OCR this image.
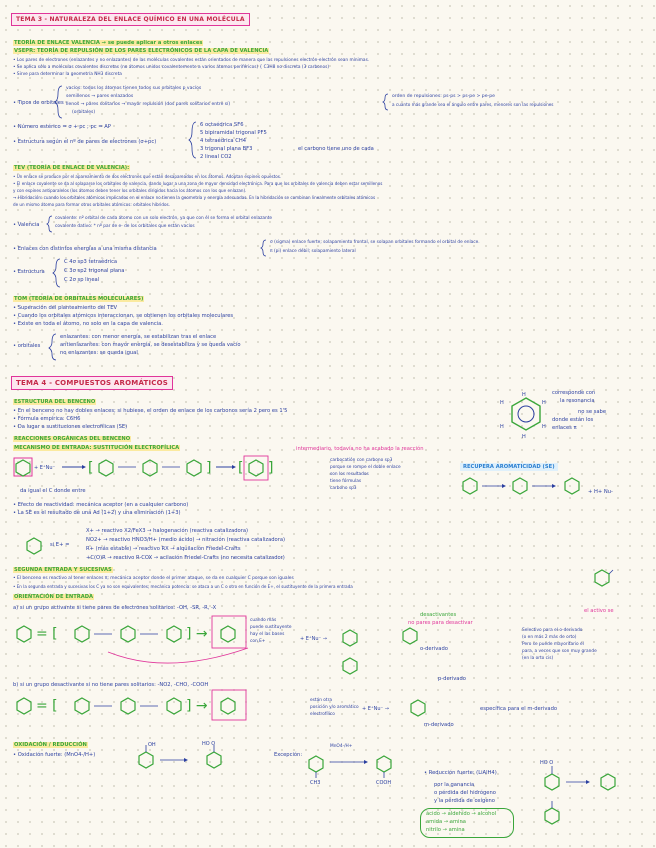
TEMA 3 - NATURALEZA DEL ENLACE QUÍMICO EN UNA MOLÉCULA
TEORÍA DE ENLACE VALENCIA → se puede aplicar a otros enlaces
VSEPR: TEORÍA DE REPULSIÓN DE LOS PARES ELECTRÓNICOS DE LA CAPA DE VALENCIA
• Los pares de electrones (enlazantes y no enlazantes) de las moléculas covalentes están orientados de manera que las repulsiones electrón-electrón sean mínimas.
• Se aplica sólo a moléculas covalentes discretas (no átomos unidos covalentemente a varios átomos periféricos) { C3H8 no discreta (3 carbonos)
• Sirve para determinar la geometría NH3 discreta
• Tipos de orbitales
vacíos: todos los átomos tienen todos sus orbitales p vacíos
semillenos → pares enlazados
llenos → pares solitarios → mayor repulsión (dos pares solitarios entre sí)
(orbitales)
orden de repulsiones: ps-ps > ps-pe > pe-pe
a cuanto más grande sea el ángulo entre pares, menores son las repulsiones
• Número estérico = σ + pc ; pc = AP
• Estructura según el nº de pares de electrones (σ+pc)
6 octaédrica SF6
5 bipiramidal trigonal PF5
4 tetraédrica CH4
3 trigonal plana BF3
2 lineal CO2
el carbono tiene uno de cada
TEV (TEORÍA DE ENLACE DE VALENCIA):
• Un enlace se produce por el apareamiento de dos electrones que están desapareados en los átomos. Adoptan espines opuestos.
• El enlace covalente se da al solaparse los orbitales de valencia, dando lugar a una zona de mayor densidad electrónica. Para que los orbitales de valencia deben estar semillenos
y con espines antiparalelos (los átomos deben tener los orbitales dirigidos hacia los átomos con los que enlazan).
→ Hibridación: cuando los orbitales atómicos implicados en el enlace no tienen la geometría y energía adecuadas. En la hibridación se combinan linealmente orbitales atómicos
de un mismo átomo para formar otros orbitales atómicos: orbitales híbridos.
• Valencia
covalente: nº orbital de cada átomo con un solo electrón, ya que con él se forma el orbital enlazante
covalente dativo: * nº par de e- de los orbitales que están vacíos
• Enlaces con distintos energías a una misma distancia
σ (sigma) enlace fuerte; solapamiento frontal, se solapan orbitales formando el orbital de enlace.
π (pi) enlace débil; solapamiento lateral
• Estructura
C 4σ sp3 tetraédrica
C 3σ sp2 trigonal plana
C 2σ sp lineal
TOM (TEORÍA DE ORBITALES MOLECULARES)
• Superación del planteamiento del TEV
• Cuando los orbitales atómicos interaccionan, se obtienen los orbitales moleculares
• Existe en toda el átomo, no solo en la capa de valencia.
• orbitales
enlazantes: con menor energía, se estabilizan tras el enlace
antienlazantes: con mayor energía, se desestabiliza y se queda vacío
no enlazantes: se queda igual
TEMA 4 - COMPUESTOS AROMÁTICOS
ESTRUCTURA DEL BENCENO
• En el benceno no hay dobles enlaces; si hubiese, el orden de enlace de los carbonos sería 2 pero es 1'5
• Fórmula empírica: C6H6
• Da lugar a sustituciones electrofílicas (SE)
H
H
H
H
H
H
corresponde con
la resonancia
no se sabe
donde están los
enlaces π
REACCIONES ORGÁNICAS DEL BENCENO
MECANISMO DE ENTRADA: SUSTITUCIÓN ELECTROFÍLICA
+ E⁺Nu⁻ [	] [ ]
intermediario, todavía no ha acabado la reacción
carbocatión con carbono sp3
porque se rompe el doble enlace
son los resultados
tiene fórmulas
carbono sp3
RECUPERA AROMATICIDAD (SE)
+ H+ Nu-
da igual el C donde entre
• Efecto de reactividad: mecánica aceptor (en a cualquier carbono)
• La SE es el resultado de una Ad (1+2) y una eliminación (1+3)
si E+ =
X+ → reactivo X2/FeX3 → halogenación (reactiva catalizadora)
NO2+ → reactivo HNO3/H+ (medio ácido) → nitración (reactiva catalizadora)
R+ (más estable) → reactivo RX → alquilación Friedel-Crafts
+C(O)R → reactivo R-COX → acilación Friedel-Crafts (no necesita catalizador)
SEGUNDA ENTRADA Y SUCESIVAS
• El benceno es reactivo al tener enlaces π; mecánica aceptor donde el primer ataque, se da en cualquier C porque son iguales
• En la segunda entrada y sucesivas los C ya no son equivalentes; mecánica potencia: se ataca a un C o otro en función de E+, el sustituyente de la primera entrada
ORIENTACIÓN DE ENTRADA
a) si un grupo activante si tiene pares de electrones solitarios: -OH, -SR, -R, -X
= [	] →
cuando más
puede sustituyente
hay el las bases
con E+
desactivantes
no pares para desactivar
el activo se
+ E⁺Nu⁻ →
o-derivado
p-derivado
Selectivo para el o-derivado
(o en más 2 más de orto)
Pero se puede mayoritario el
para, a veces que son muy grande
(en la orto cis)
b) si un grupo desactivante si no tiene pares solitarios: -NO2, -CHO, -COOH
= [	] →	están otra
posición y/o aromático
electrofílico
+ E⁺Nu⁻ →
m-derivado
específica para el m-derivado
OXIDACIÓN / REDUCCIÓN
• Oxidación fuerte: (MnO4-/H+)
OH	HO O
Excepción:
MnO4-/H+
CH3	COOH
• Reducción fuerte: (LiAlH4)
por la ganancia
o pérdida del hidrógeno
y la pérdida de oxígeno
ácido → aldehído → alcohol
amida → amina
nitrilo → amina
HO O
